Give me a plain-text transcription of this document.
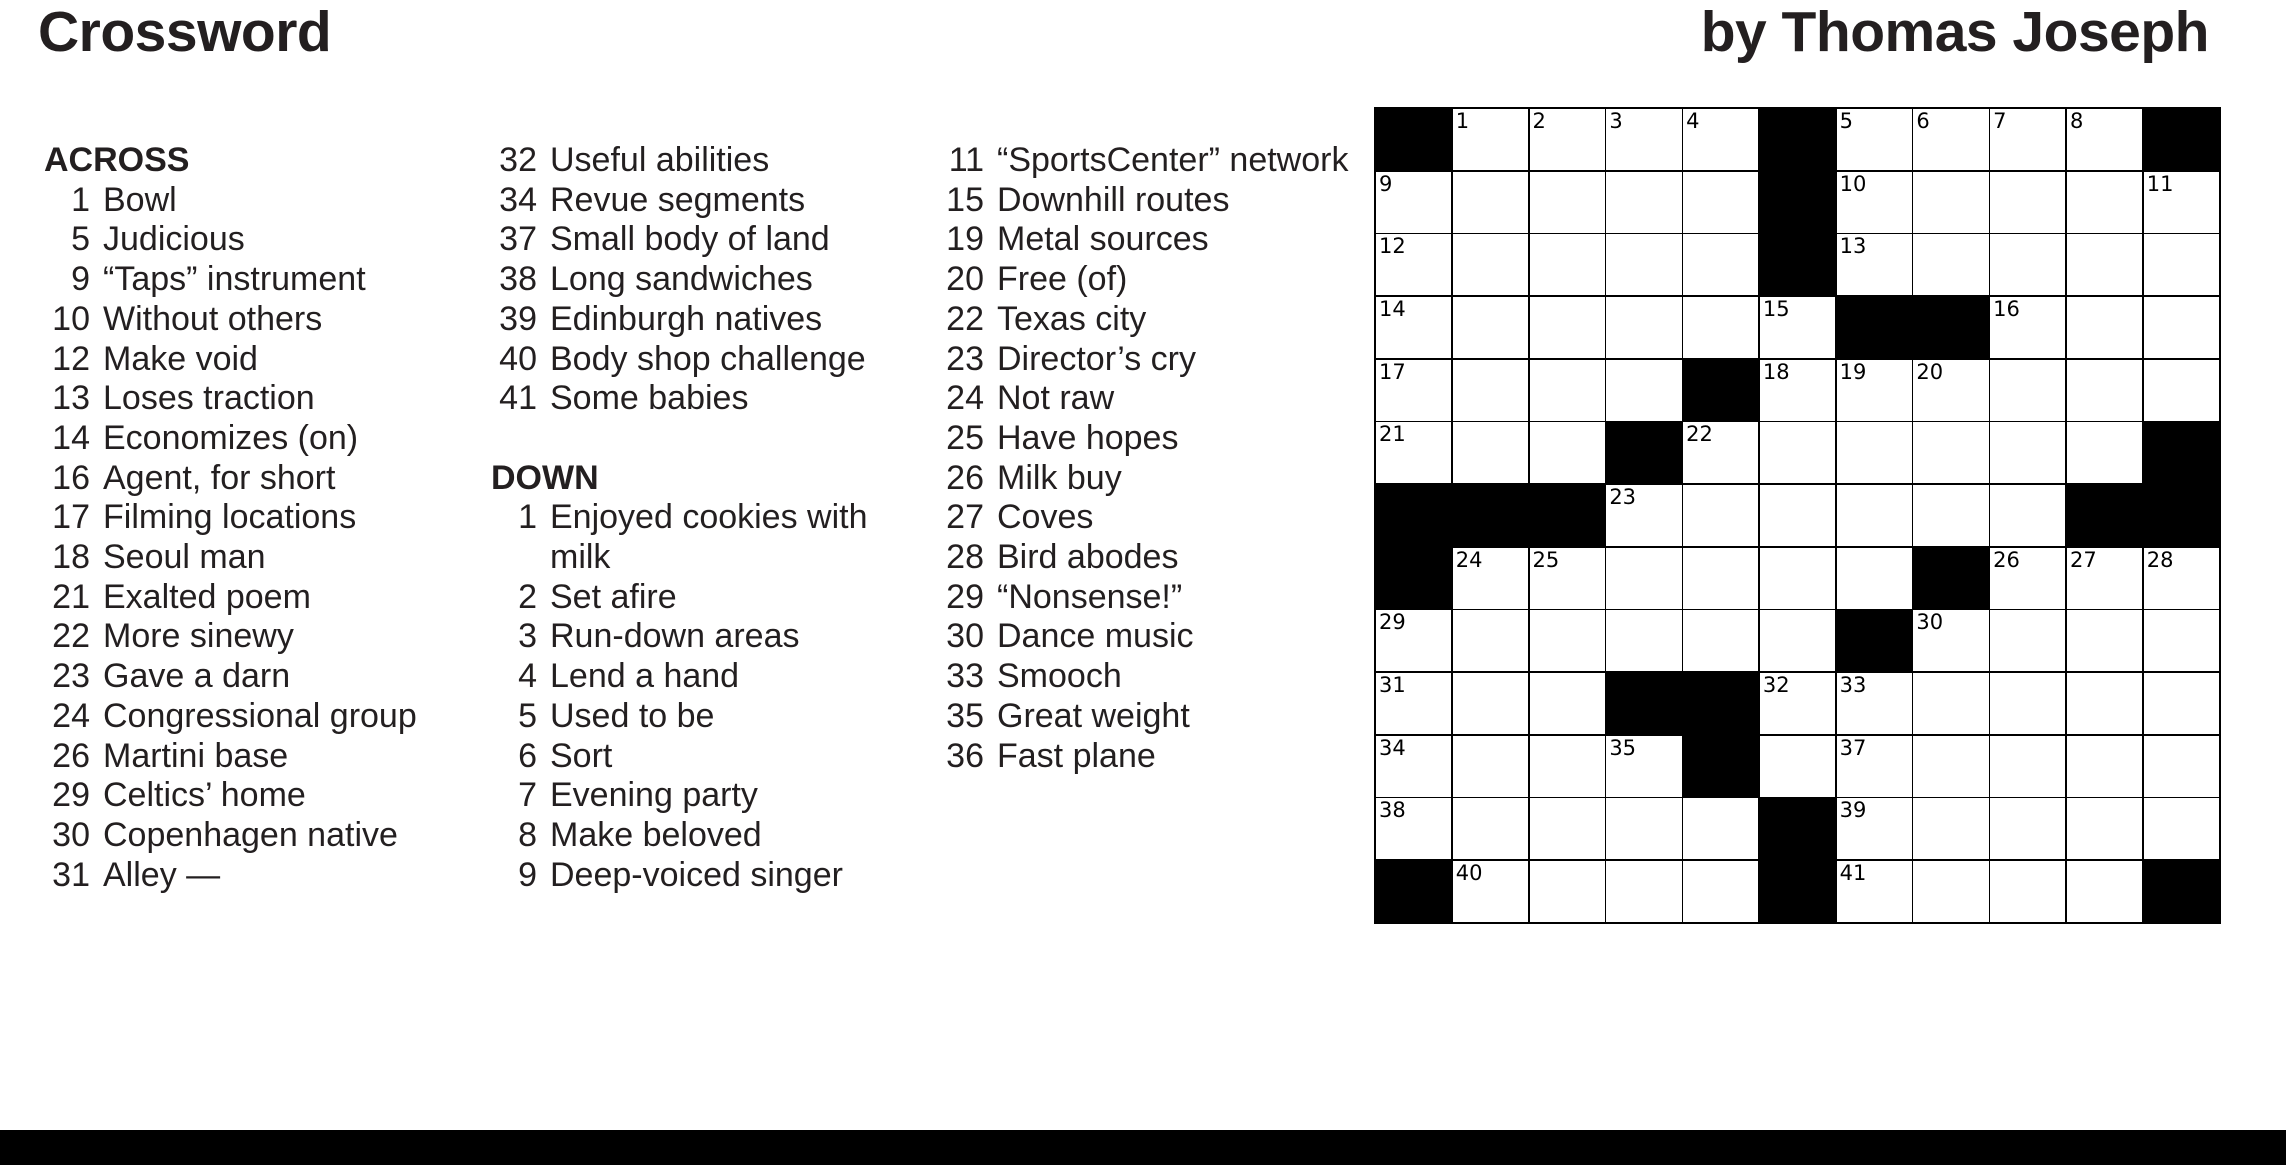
Crossword	by Thomas Joseph
ACROSS
1 Bowl
5 Judicious
9 “Taps” instrument
10 Without others
12 Make void
13 Loses traction
14 Economizes (on)
16 Agent, for short
17 Filming locations
18 Seoul man
21 Exalted poem
22 More sinewy
23 Gave a darn
24 Congressional group
26 Martini base
29 Celtics’ home
30 Copenhagen native
31 Alley —
32 Useful abilities
34 Revue segments
37 Small body of land
38 Long sandwiches
39 Edinburgh natives
40 Body shop challenge
41 Some babies
DOWN
1 Enjoyed cookies with milk
2 Set afire
3 Run-down areas
4 Lend a hand
5 Used to be
6 Sort
7 Evening party
8 Make beloved
9 Deep-voiced singer
11 “SportsCenter” network
15 Downhill routes
19 Metal sources
20 Free (of)
22 Texas city
23 Director’s cry
24 Not raw
25 Have hopes
26 Milk buy
27 Coves
28 Bird abodes
29 “Nonsense!”
30 Dance music
33 Smooch
35 Great weight
36 Fast plane
1	2	3	4	5	6	7	8
9	10	11
12	13
14	15	16
17	18 19 20
21	22
23
24 25	26 27 28
29	30
31	32 33
34	35	37
38	39
40	41
